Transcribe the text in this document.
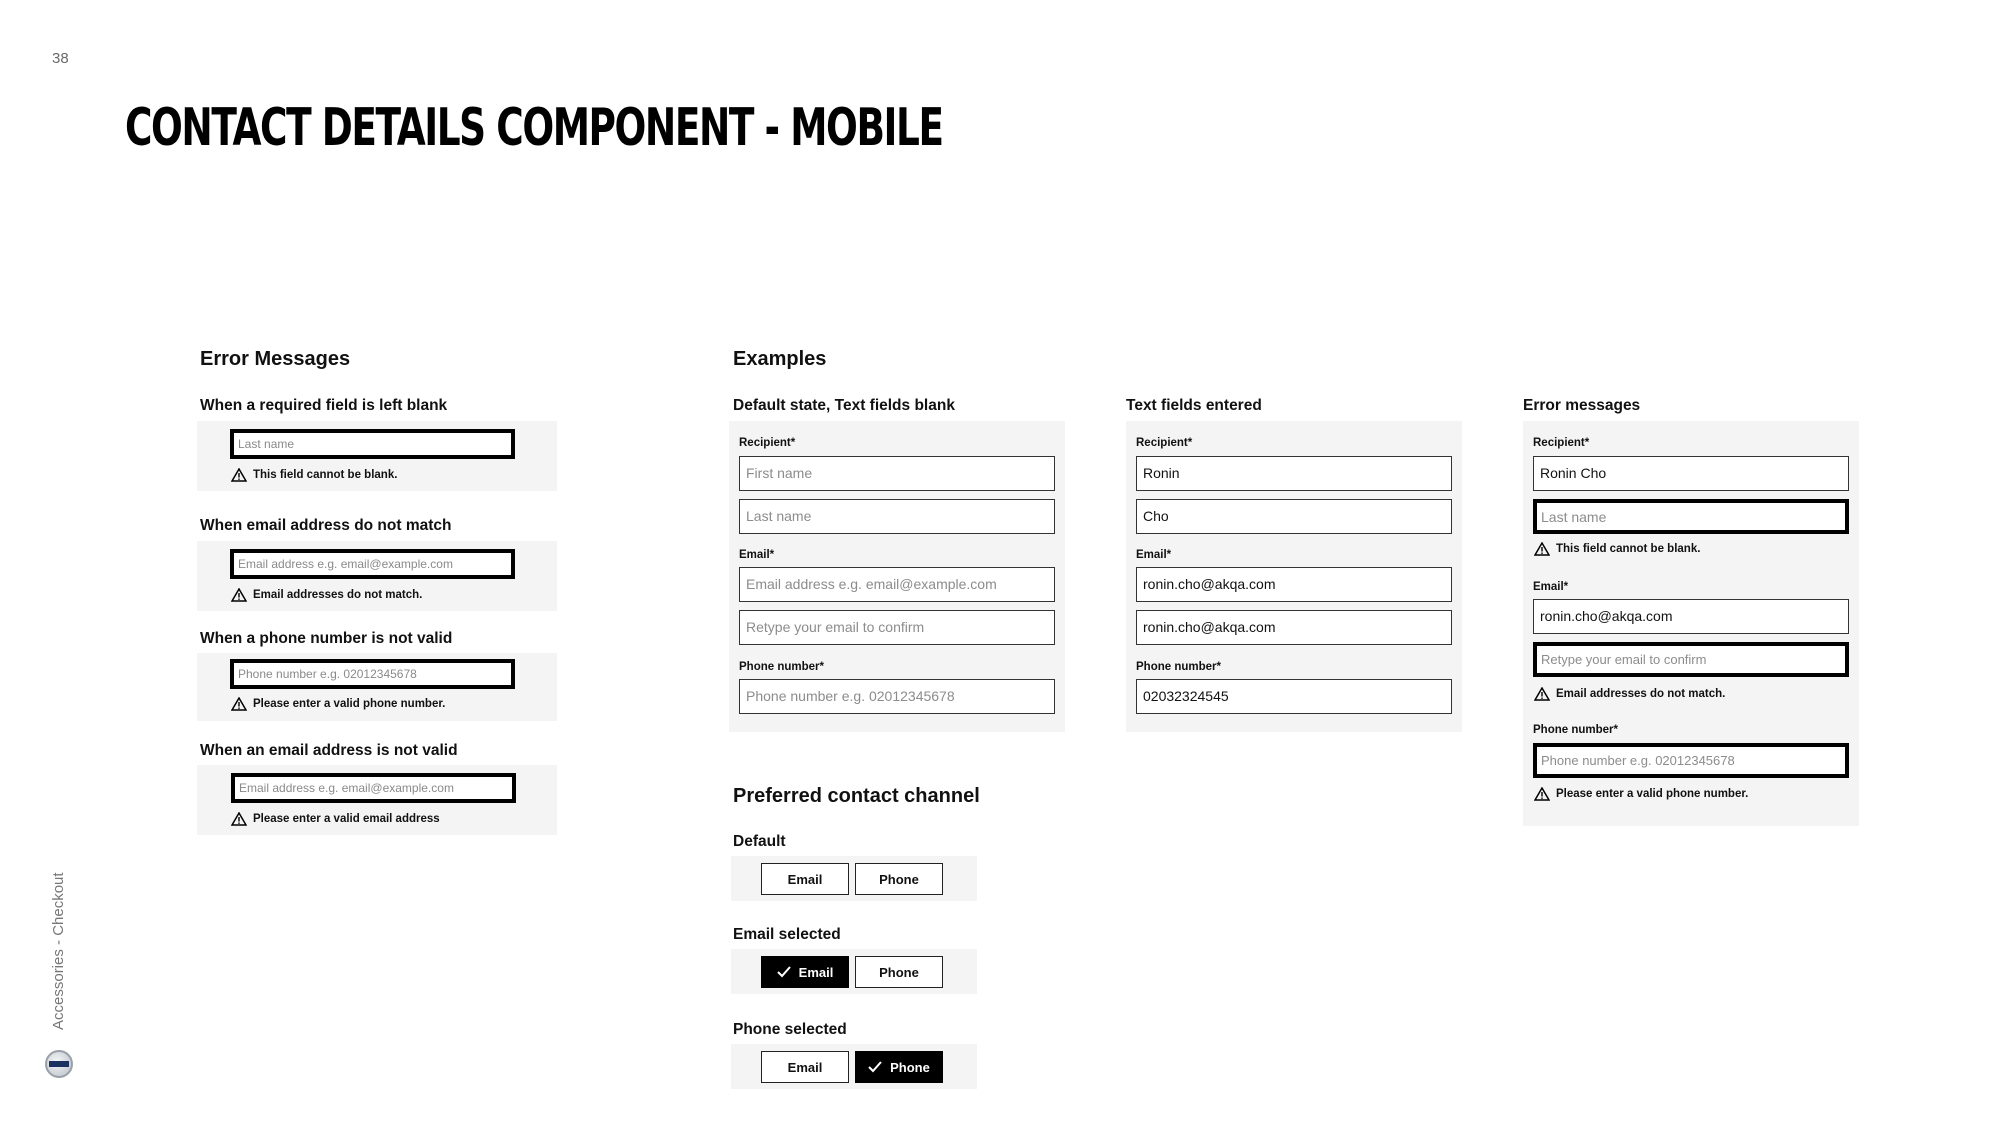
38
CONTACT DETAILS COMPONENT - MOBILE
Accessories - Checkout
Error Messages
When a required field is left blank
Last name
This field cannot be blank.
When email address do not match
Email address e.g. email@example.com
Email addresses do not match.
When a phone number is not valid
Phone number e.g. 02012345678
Please enter a valid phone number.
When an email address is not valid
Email address e.g. email@example.com
Please enter a valid email address
Examples
Default state, Text fields blank
Recipient*
First name
Last name
Email*
Email address e.g. email@example.com
Retype your email to confirm
Phone number*
Phone number e.g. 02012345678
Text fields entered
Recipient*
Ronin
Cho
Email*
ronin.cho@akqa.com
ronin.cho@akqa.com
Phone number*
02032324545
Error messages
Recipient*
Ronin Cho
Last name
This field cannot be blank.
Email*
ronin.cho@akqa.com
Retype your email to confirm
Email addresses do not match.
Phone number*
Phone number e.g. 02012345678
Please enter a valid phone number.
Preferred contact channel
Default
Email	Phone
Email selected
Email	Phone
Phone selected
Email	Phone
